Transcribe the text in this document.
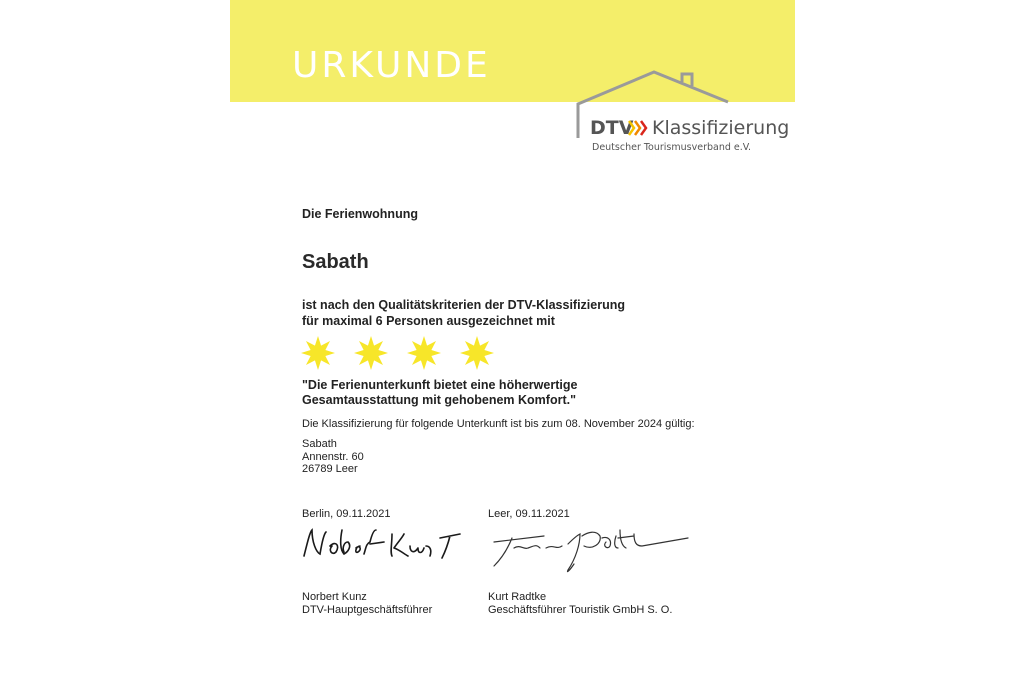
URKUNDE
DTV Klassifizierung
Deutscher Tourismusverband e.V.
Die Ferienwohnung
Sabath
ist nach den Qualitätskriterien der DTV-Klassifizierung
für maximal 6 Personen ausgezeichnet mit
"Die Ferienunterkunft bietet eine höherwertige
Gesamtausstattung mit gehobenem Komfort."
Die Klassifizierung für folgende Unterkunft ist bis zum 08. November 2024 gültig:
Sabath
Annenstr. 60
26789 Leer
Berlin, 09.11.2021	Leer, 09.11.2021
Norbert Kunz
DTV-Hauptgeschäftsführer
Kurt Radtke
Geschäftsführer Touristik GmbH S. O.
